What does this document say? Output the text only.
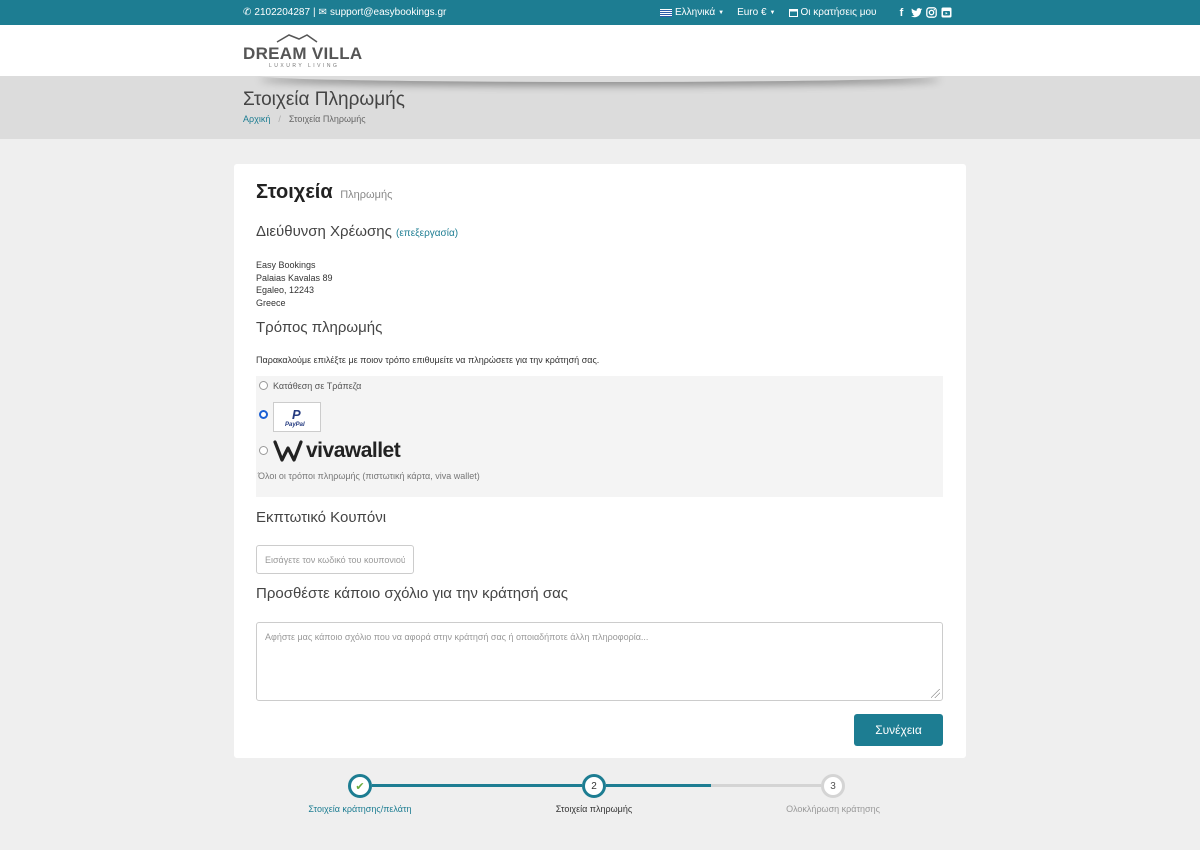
✆ 2102204287 | ✉ support@easybookings.gr	Ελληνικά ▼ Euro € ▼	Οι κρατήσεις μου	f
DREAM VILLA
LUXURY LIVING
Στοιχεία Πληρωμής
Αρχική / Στοιχεία Πληρωμής
Στοιχεία Πληρωμής
Διεύθυνση Χρέωσης (επεξεργασία)
Easy Bookings
Palaias Kavalas 89
Egaleo, 12243
Greece
Τρόπος πληρωμής
Παρακαλούμε επιλέξτε με ποιον τρόπο επιθυμείτε να πληρώσετε για την κράτησή σας.
Κατάθεση σε Τράπεζα
P
PayPal
vivawallet
Όλοι οι τρόποι πληρωμής (πιστωτική κάρτα, viva wallet)
Εκπτωτικό Κουπόνι
Εισάγετε τον κωδικό του κουπονιού
Προσθέστε κάποιο σχόλιο για την κράτησή σας
Αφήστε μας κάποιο σχόλιο που να αφορά στην κράτησή σας ή οποιαδήποτε άλλη πληροφορία...
Συνέχεια
✔	2	3
Στοιχεία κράτησης/πελάτη	Στοιχεία πληρωμής	Ολοκλήρωση κράτησης
